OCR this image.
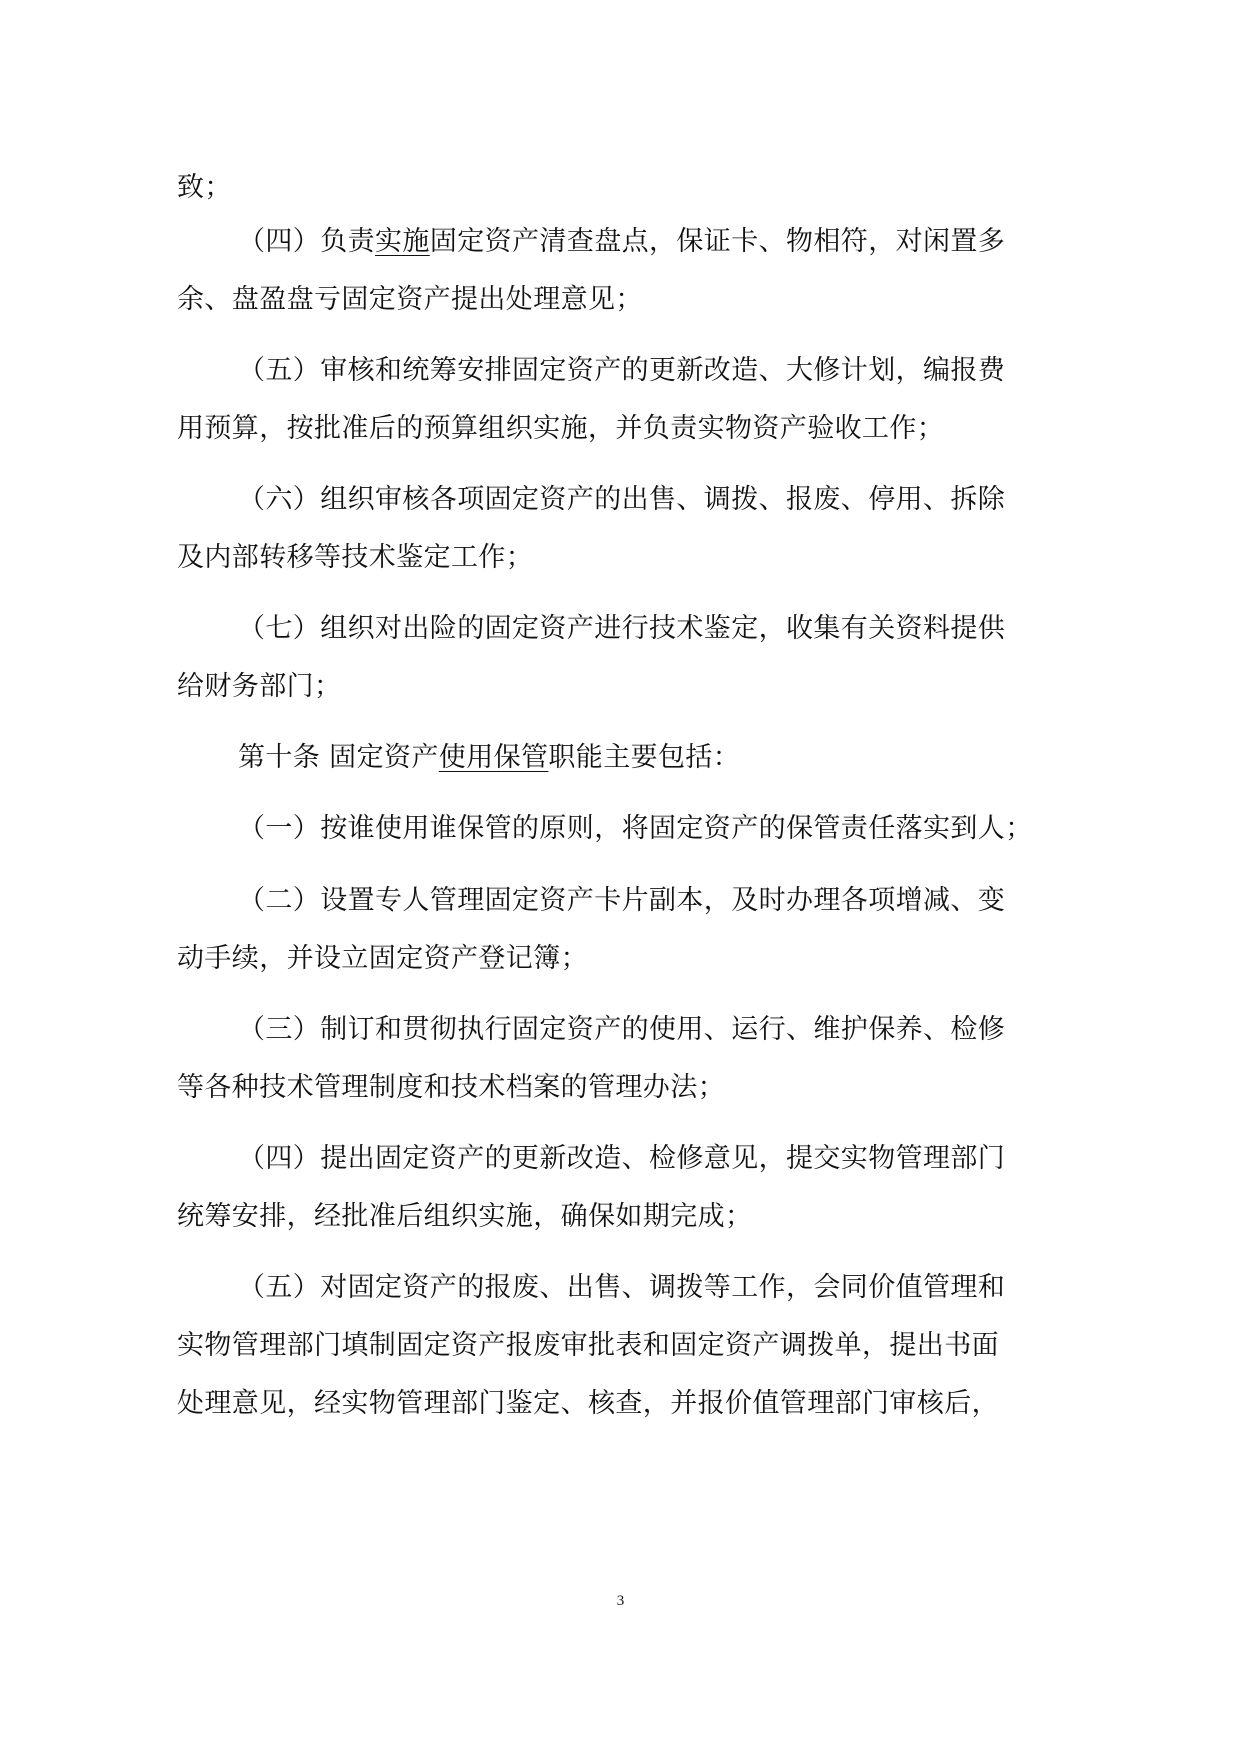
致；
（四）负责实施固定资产清查盘点，保证卡、物相符，对闲置多
余、盘盈盘亏固定资产提出处理意见；
（五）审核和统筹安排固定资产的更新改造、大修计划，编报费
用预算，按批准后的预算组织实施，并负责实物资产验收工作；
（六）组织审核各项固定资产的出售、调拨、报废、停用、拆除
及内部转移等技术鉴定工作；
（七）组织对出险的固定资产进行技术鉴定，收集有关资料提供
给财务部门；
第十条 固定资产使用保管职能主要包括：
（一）按谁使用谁保管的原则，将固定资产的保管责任落实到人；
（二）设置专人管理固定资产卡片副本，及时办理各项增减、变
动手续，并设立固定资产登记簿；
（三）制订和贯彻执行固定资产的使用、运行、维护保养、检修
等各种技术管理制度和技术档案的管理办法；
（四）提出固定资产的更新改造、检修意见，提交实物管理部门
统筹安排，经批准后组织实施，确保如期完成；
（五）对固定资产的报废、出售、调拨等工作，会同价值管理和
实物管理部门填制固定资产报废审批表和固定资产调拨单，提出书面
处理意见，经实物管理部门鉴定、核查，并报价值管理部门审核后，
3
